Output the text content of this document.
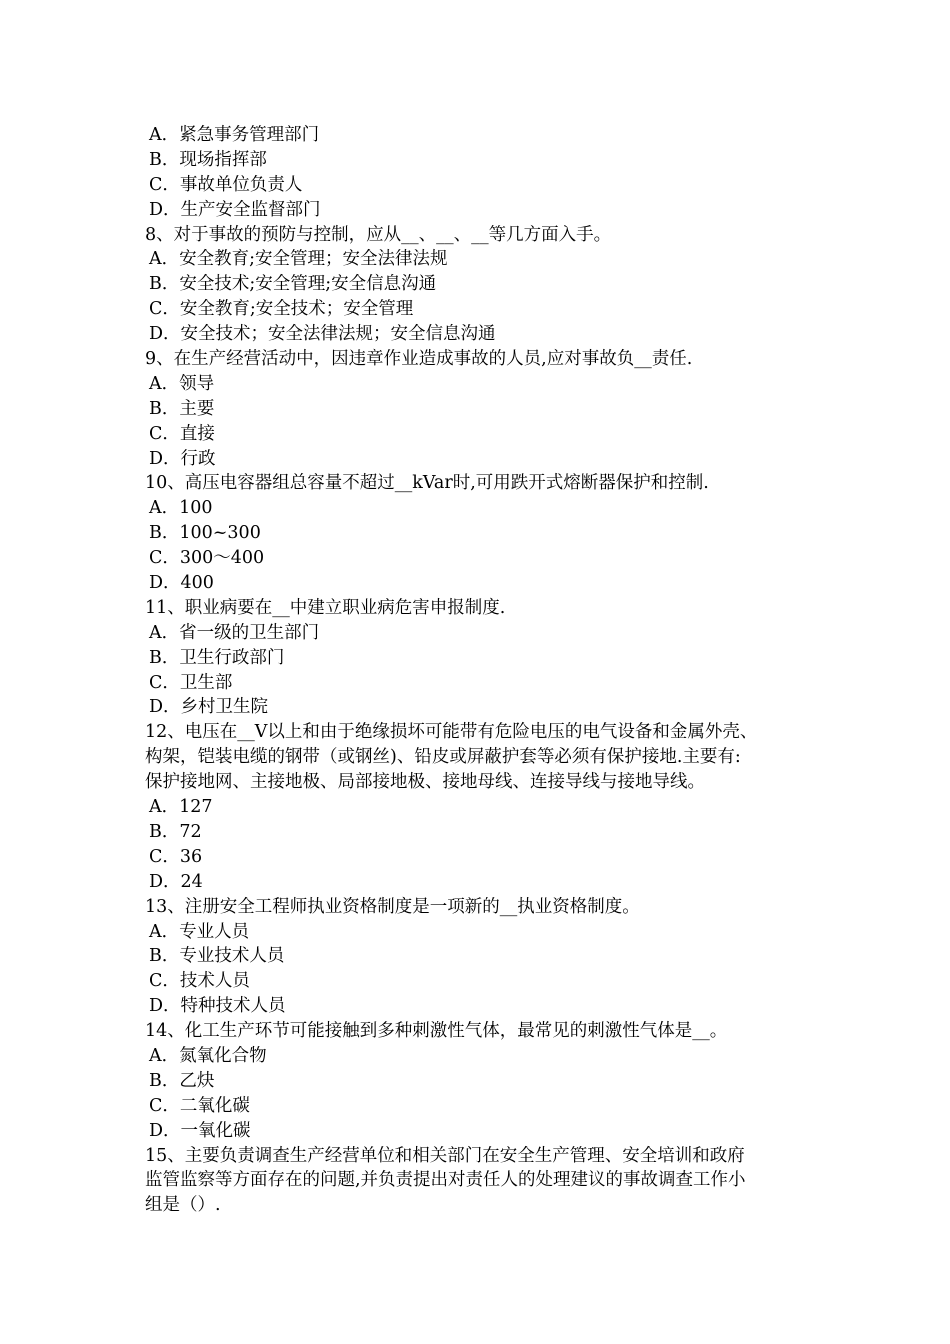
A．紧急事务管理部门
B．现场指挥部
C．事故单位负责人
D．生产安全监督部门
8、对于事故的预防与控制，应从__、__、__等几方面入手。
A．安全教育;安全管理；安全法律法规
B．安全技术;安全管理;安全信息沟通
C．安全教育;安全技术；安全管理
D．安全技术；安全法律法规；安全信息沟通
9、在生产经营活动中，因违章作业造成事故的人员,应对事故负__责任.
A．领导
B．主要
C．直接
D．行政
10、高压电容器组总容量不超过__kVar时,可用跌开式熔断器保护和控制.
A．100
B．100~300
C．300～400
D．400
11、职业病要在__中建立职业病危害申报制度.
A．省一级的卫生部门
B．卫生行政部门
C．卫生部
D．乡村卫生院
12、电压在__V以上和由于绝缘损坏可能带有危险电压的电气设备和金属外壳、
构架，铠装电缆的钢带（或钢丝)、铅皮或屏蔽护套等必须有保护接地.主要有:
保护接地网、主接地极、局部接地极、接地母线、连接导线与接地导线。
A．127
B．72
C．36
D．24
13、注册安全工程师执业资格制度是一项新的__执业资格制度。
A．专业人员
B．专业技术人员
C．技术人员
D．特种技术人员
14、化工生产环节可能接触到多种刺激性气体，最常见的刺激性气体是__。
A．氮氧化合物
B．乙炔
C．二氧化碳
D．一氧化碳
15、主要负责调查生产经营单位和相关部门在安全生产管理、安全培训和政府
监管监察等方面存在的问题,并负责提出对责任人的处理建议的事故调查工作小
组是（）.
